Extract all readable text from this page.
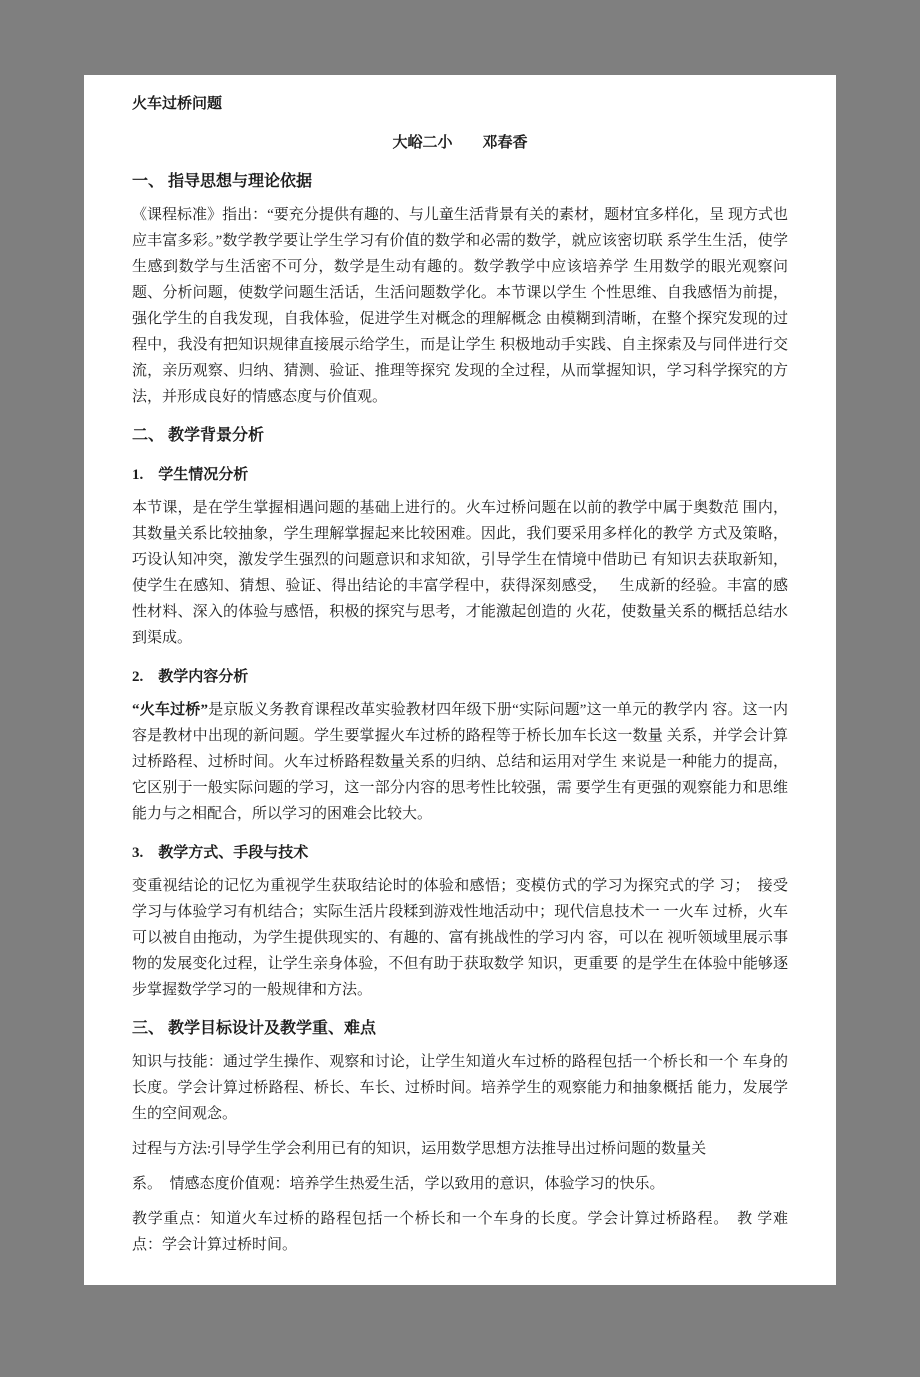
火车过桥问题

大峪二小　　邓春香

一、 指导思想与理论依据

《课程标准》指出：“要充分提供有趣的、与儿童生活背景有关的素材，题材宜多样化，呈 现方式也应丰富多彩。”数学教学要让学生学习有价值的数学和必需的数学，就应该密切联 系学生生活，使学生感到数学与生活密不可分，数学是生动有趣的。数学教学中应该培养学 生用数学的眼光观察问题、分析问题，使数学问题生活话，生活问题数学化。本节课以学生 个性思维、自我感悟为前提，强化学生的自我发现，自我体验，促进学生对概念的理解概念 由模糊到清晰，在整个探究发现的过程中，我没有把知识规律直接展示给学生，而是让学生 积极地动手实践、自主探索及与同伴进行交流，亲历观察、归纳、猜测、验证、推理等探究 发现的全过程，从而掌握知识，学习科学探究的方法，并形成良好的情感态度与价值观。

二、 教学背景分析
1.　学生情况分析

本节课，是在学生掌握相遇问题的基础上进行的。火车过桥问题在以前的教学中属于奥数范 围内，其数量关系比较抽象，学生理解掌握起来比较困难。因此，我们要采用多样化的教学 方式及策略，巧设认知冲突，激发学生强烈的问题意识和求知欲，引导学生在情境中借助已 有知识去获取新知，使学生在感知、猜想、验证、得出结论的丰富学程中，获得深刻感受，　 生成新的经验。丰富的感性材料、深入的体验与感悟，积极的探究与思考，才能激起创造的 火花，使数量关系的概括总结水到渠成。

2.　教学内容分析

“火车过桥”是京版义务教育课程改革实验教材四年级下册“实际问题”这一单元的教学内 容。这一内容是教材中出现的新问题。学生要掌握火车过桥的路程等于桥长加车长这一数量 关系，并学会计算过桥路程、过桥时间。火车过桥路程数量关系的归纳、总结和运用对学生 来说是一种能力的提高，它区别于一般实际问题的学习，这一部分内容的思考性比较强，需 要学生有更强的观察能力和思维能力与之相配合，所以学习的困难会比较大。

3.　教学方式、手段与技术

变重视结论的记忆为重视学生获取结论时的体验和感悟；变模仿式的学习为探究式的学 习；　接受学习与体验学习有机结合；实际生活片段糅到游戏性地活动中；现代信息技术一 一火车 过桥，火车可以被自由拖动，为学生提供现实的、有趣的、富有挑战性的学习内 容，可以在 视听领域里展示事物的发展变化过程，让学生亲身体验，不但有助于获取数学 知识，更重要 的是学生在体验中能够逐步掌握数学学习的一般规律和方法。

三、 教学目标设计及教学重、难点

知识与技能：通过学生操作、观察和讨论，让学生知道火车过桥的路程包括一个桥长和一个 车身的长度。学会计算过桥路程、桥长、车长、过桥时间。培养学生的观察能力和抽象概括 能力，发展学生的空间观念。

过程与方法:引导学生学会利用已有的知识，运用数学思想方法推导出过桥问题的数量关

系。　情感态度价值观：培养学生热爱生活，学以致用的意识，体验学习的快乐。

教学重点：知道火车过桥的路程包括一个桥长和一个车身的长度。学会计算过桥路程。　教 学难点：学会计算过桥时间。
